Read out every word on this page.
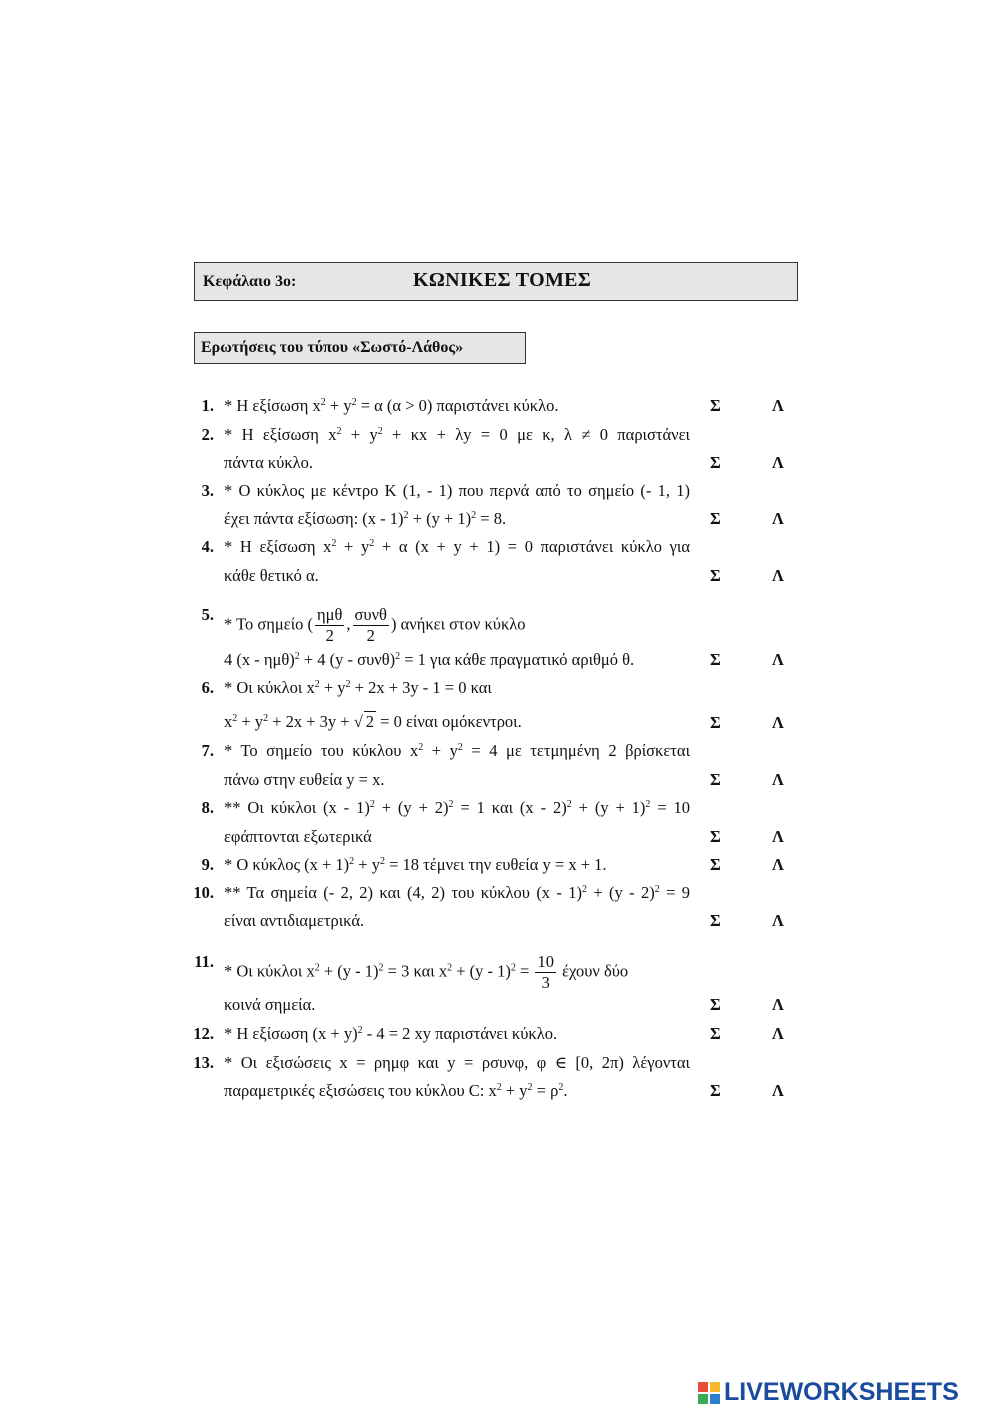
Κεφάλαιο 3ο:	ΚΩΝΙΚΕΣ ΤΟΜΕΣ
Ερωτήσεις του τύπου «Σωστό-Λάθος»
1. * Η εξίσωση $x^2 + y^2 = \alpha$ (α > 0) παριστάνει κύκλο.	Σ	Λ
2. * Η εξίσωση $x^2 + y^2 + \kappa x + \lambda y = 0$ με κ, λ ≠ 0 παριστάνει
πάντα κύκλο.	Σ	Λ
3. * Ο κύκλος με κέντρο Κ (1, - 1) που περνά από το σημείο (- 1, 1)
έχει πάντα εξίσωση: $(x - 1)^2 + (y + 1)^2 = 8$.	Σ	Λ
4. * Η εξίσωση $x^2 + y^2 + \alpha$ (x + y + 1) = 0 παριστάνει κύκλο για
κάθε θετικό α.	Σ	Λ
5. * Το σημείο ( $\frac{\text{ημθ}}{2}$ , $\frac{\text{συνθ}}{2}$ ) ανήκει στον κύκλο
4 (x - ημθ)$^2$ + 4 (y - συνθ)$^2$ = 1 για κάθε πραγματικό αριθμό θ.	Σ	Λ
6. * Οι κύκλοι $x^2 + y^2 + 2x + 3y - 1 = 0$ και
$x^2 + y^2 + 2x + 3y$ + √ 2 = 0 είναι ομόκεντροι.	Σ	Λ
7. * Το σημείο του κύκλου $x^2 + y^2 = 4$ με τετμημένη 2 βρίσκεται
πάνω στην ευθεία y = x.	Σ	Λ
8. ** Οι κύκλοι $(x - 1)^2 + (y + 2)^2 = 1$ και $(x - 2)^2 + (y + 1)^2 = 10$
εφάπτονται εξωτερικά	Σ	Λ
9. * Ο κύκλος $(x + 1)^2 + y^2 = 18$ τέμνει την ευθεία y = x + 1.	Σ	Λ
10. ** Τα σημεία (- 2, 2) και (4, 2) του κύκλου (x - 1)$^2$ + (y - 2)$^2$ = 9
είναι αντιδιαμετρικά.	Σ	Λ
11. * Οι κύκλοι $x^2 + (y - 1)^2 = 3$ και $x^2 + (y - 1)^2 = \frac{10}{3}$ έχουν δύο
κοινά σημεία.	Σ	Λ
12. * Η εξίσωση $(x + y)^2 - 4 = 2$ xy παριστάνει κύκλο.	Σ	Λ
13. * Οι εξισώσεις x = ρημφ και y = ρσυνφ, φ ∈ [0, 2π) λέγονται
παραμετρικές εξισώσεις του κύκλου C: $x^2 + y^2 = \rho^2$.	Σ	Λ
LIVEWORKSHEETS
